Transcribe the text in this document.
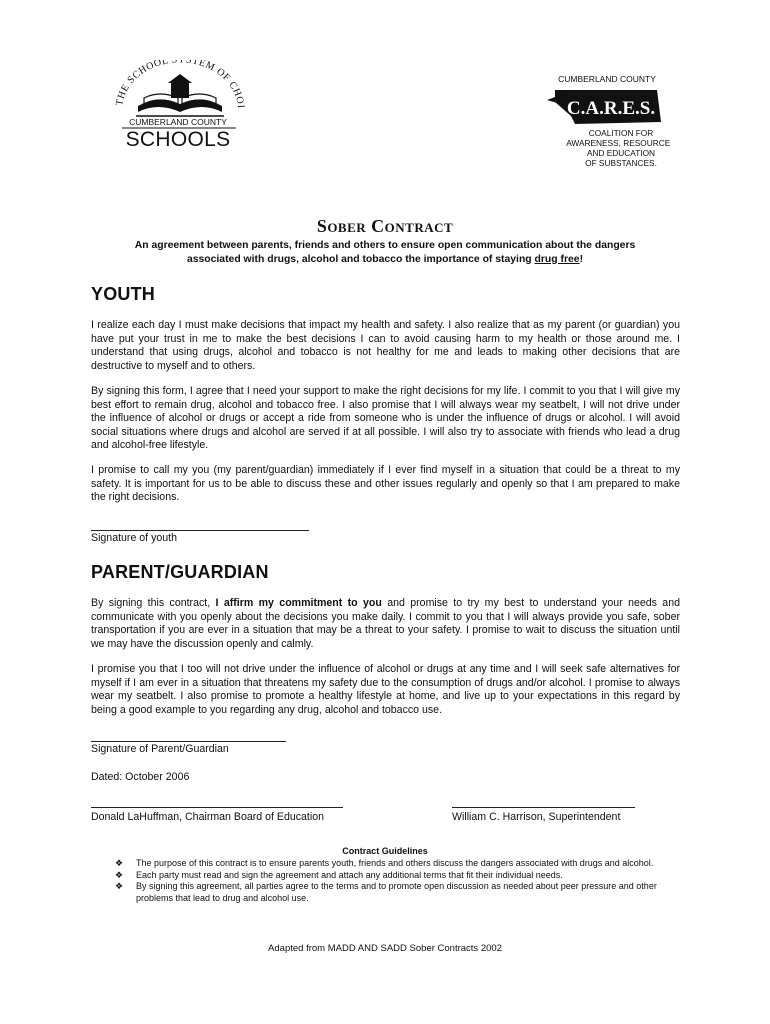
THE SCHOOL S STEM OF CHOI
CUMBERLAND COUNTY
SCHOOLS
CUMBERLAND COUNTY
C.A.R.E.S.
COALITION FOR
AWARENESS, RESOURCES
AND EDUCATION
OF SUBSTANCES.
Sober Contract
An agreement between parents, friends and others to ensure open communication about the dangers
associated with drugs, alcohol and tobacco the importance of staying drug free!
YOUTH
I realize each day I must make decisions that impact my health and safety. I also realize that as my parent (or guardian) you have put your trust in me to make the best decisions I can to avoid causing harm to my health or those around me. I understand that using drugs, alcohol and tobacco is not healthy for me and leads to making other decisions that are destructive to myself and to others.
By signing this form, I agree that I need your support to make the right decisions for my life. I commit to you that I will give my best effort to remain drug, alcohol and tobacco free. I also promise that I will always wear my seatbelt, I will not drive under the influence of alcohol or drugs or accept a ride from someone who is under the influence of drugs or alcohol. I will avoid social situations where drugs and alcohol are served if at all possible. I will also try to associate with friends who lead a drug and alcohol-free lifestyle.
I promise to call my you (my parent/guardian) immediately if I ever find myself in a situation that could be a threat to my safety. It is important for us to be able to discuss these and other issues regularly and openly so that I am prepared to make the right decisions.
Signature of youth
PARENT/GUARDIAN
By signing this contract, I affirm my commitment to you and promise to try my best to understand your needs and communicate with you openly about the decisions you make daily. I commit to you that I will always provide you safe, sober transportation if you are ever in a situation that may be a threat to your safety. I promise to wait to discuss the situation until we may have the discussion openly and calmly.
I promise you that I too will not drive under the influence of alcohol or drugs at any time and I will seek safe alternatives for myself if I am ever in a situation that threatens my safety due to the consumption of drugs and/or alcohol. I promise to always wear my seatbelt. I also promise to promote a healthy lifestyle at home, and live up to your expectations in this regard by being a good example to you regarding any drug, alcohol and tobacco use.
Signature of Parent/Guardian
Dated: October 2006
Donald LaHuffman, Chairman Board of Education	William C. Harrison, Superintendent
Contract Guidelines
❖ The purpose of this contract is to ensure parents youth, friends and others discuss the dangers associated with drugs and alcohol.
❖ Each party must read and sign the agreement and attach any additional terms that fit their individual needs.
❖ By signing this agreement, all parties agree to the terms and to promote open discussion as needed about peer pressure and other problems that lead to drug and alcohol use.
Adapted from MADD AND SADD Sober Contracts 2002
